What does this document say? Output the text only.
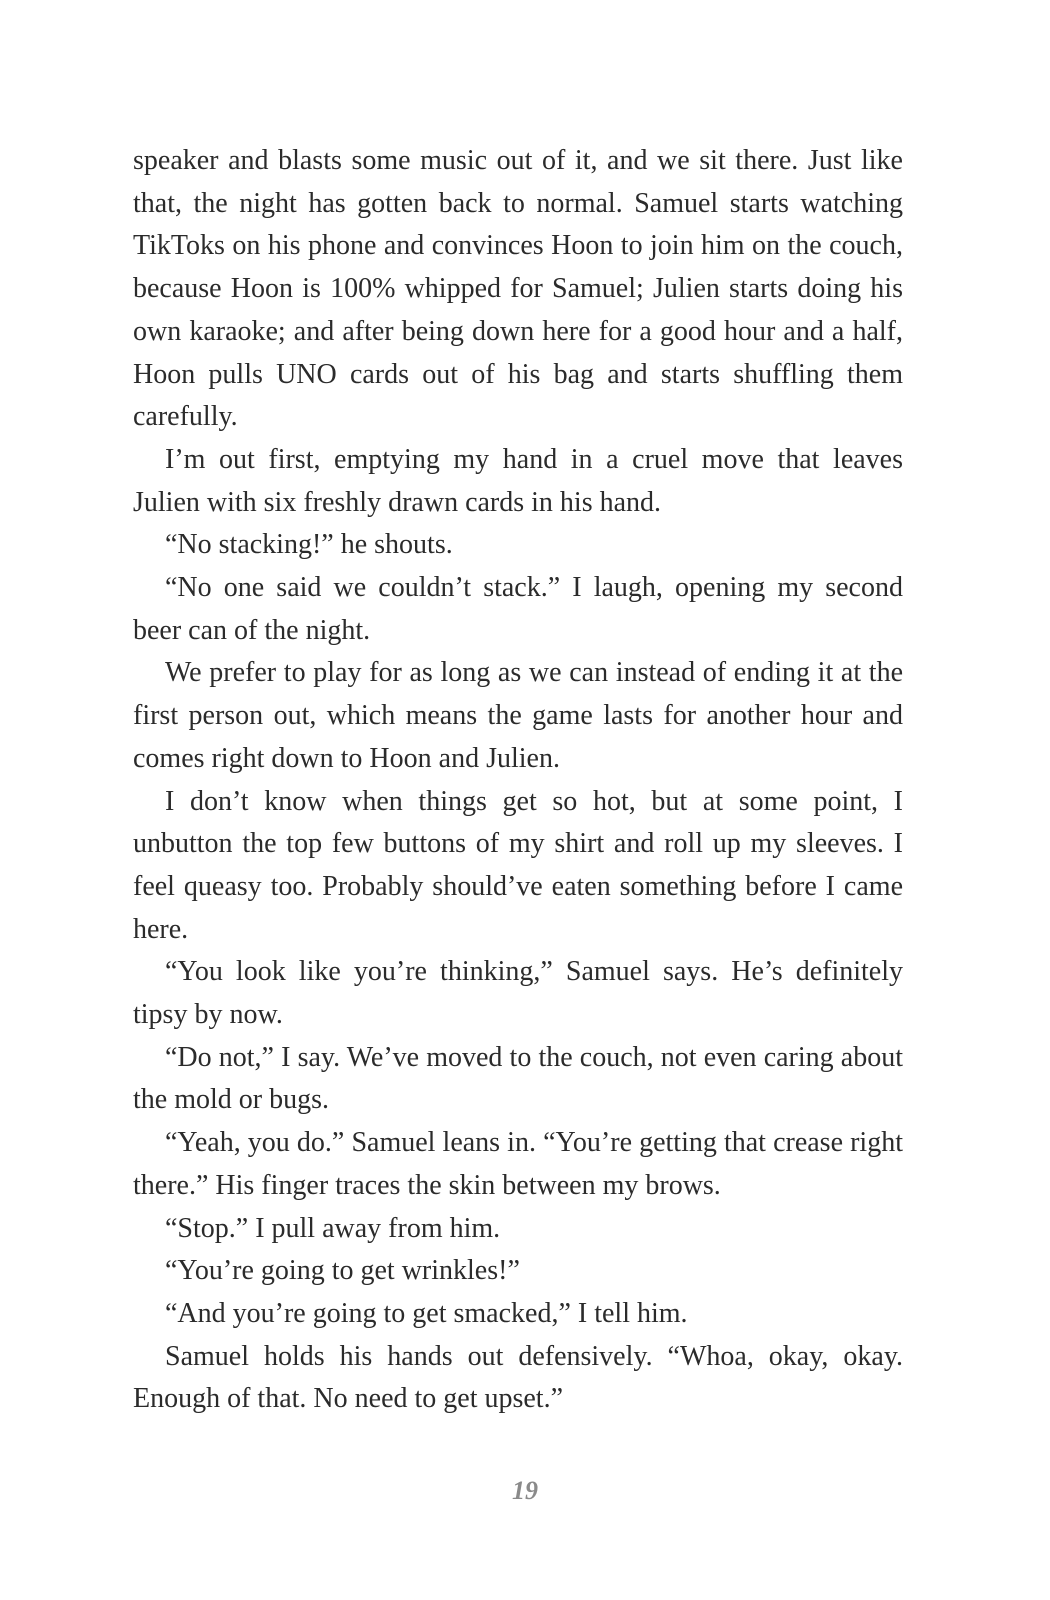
speaker and blasts some music out of it, and we sit there. Just like that, the night has gotten back to normal. Samuel starts watching TikToks on his phone and convinces Hoon to join him on the couch, because Hoon is 100% whipped for Samuel; Julien starts doing his own karaoke; and after being down here for a good hour and a half, Hoon pulls UNO cards out of his bag and starts shuffling them carefully.

I’m out first, emptying my hand in a cruel move that leaves Julien with six freshly drawn cards in his hand.

“No stacking!” he shouts.

“No one said we couldn’t stack.” I laugh, opening my second beer can of the night.

We prefer to play for as long as we can instead of ending it at the first person out, which means the game lasts for another hour and comes right down to Hoon and Julien.

I don’t know when things get so hot, but at some point, I unbutton the top few buttons of my shirt and roll up my sleeves. I feel queasy too. Probably should’ve eaten something before I came here.

“You look like you’re thinking,” Samuel says. He’s definitely tipsy by now.

“Do not,” I say. We’ve moved to the couch, not even caring about the mold or bugs.

“Yeah, you do.” Samuel leans in. “You’re getting that crease right there.” His finger traces the skin between my brows.

“Stop.” I pull away from him.

“You’re going to get wrinkles!”

“And you’re going to get smacked,” I tell him.

Samuel holds his hands out defensively. “Whoa, okay, okay. Enough of that. No need to get upset.”

19
